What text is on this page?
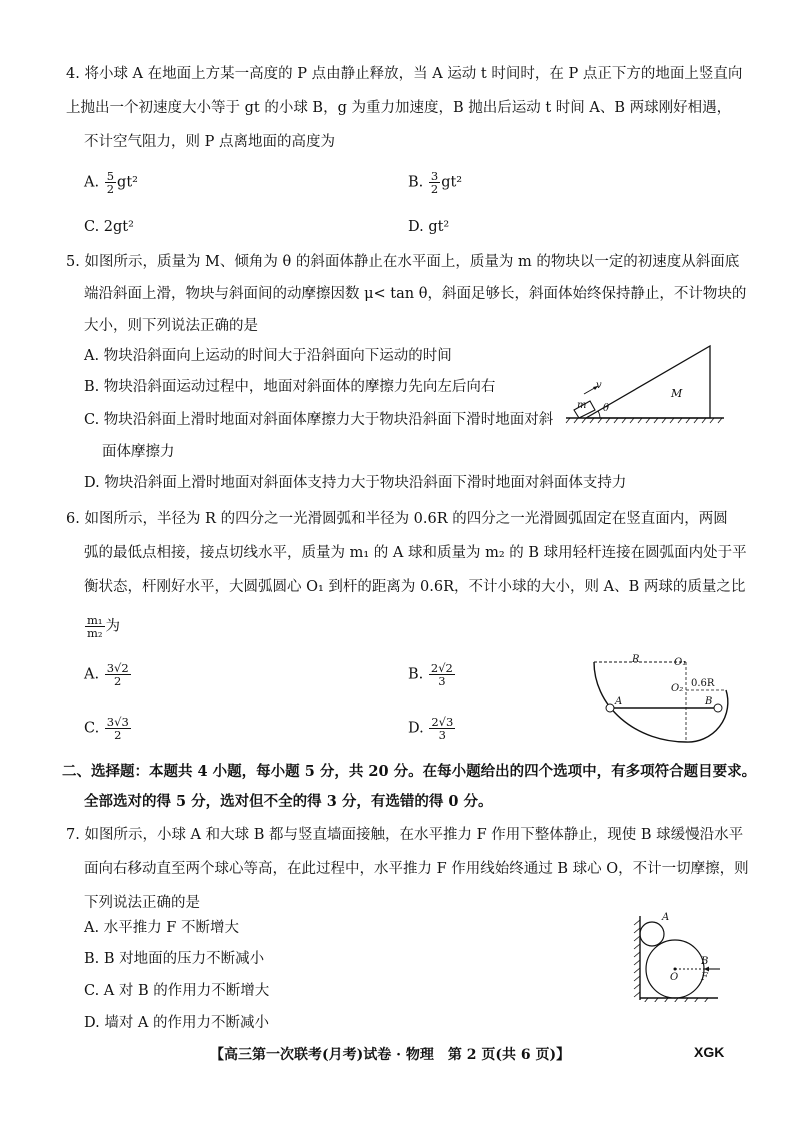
4. 将小球 A 在地面上方某一高度的 P 点由静止释放，当 A 运动 t 时间时，在 P 点正下方的地面上竖直向
上抛出一个初速度大小等于 gt 的小球 B，g 为重力加速度，B 抛出后运动 t 时间 A、B 两球刚好相遇，
不计空气阻力，则 P 点离地面的高度为
A. $\frac{5}{2} gt^2$	B. $\frac{3}{2} gt^2$
C. 2gt²	D. gt²
5. 如图所示，质量为 M、倾角为 θ 的斜面体静止在水平面上，质量为 m 的物块以一定的初速度从斜面底
端沿斜面上滑，物块与斜面间的动摩擦因数 μ< tan θ，斜面足够长，斜面体始终保持静止，不计物块的
大小，则下列说法正确的是
A. 物块沿斜面向上运动的时间大于沿斜面向下运动的时间
B. 物块沿斜面运动过程中，地面对斜面体的摩擦力先向左后向右
C. 物块沿斜面上滑时地面对斜面体摩擦力大于物块沿斜面下滑时地面对斜
面体摩擦力
D. 物块沿斜面上滑时地面对斜面体支持力大于物块沿斜面下滑时地面对斜面体支持力
v
m θ
M
6. 如图所示，半径为 R 的四分之一光滑圆弧和半径为 0.6R 的四分之一光滑圆弧固定在竖直面内，两圆
弧的最低点相接，接点切线水平，质量为 m₁ 的 A 球和质量为 m₂ 的 B 球用轻杆连接在圆弧面内处于平
衡状态，杆刚好水平，大圆弧圆心 O₁ 到杆的距离为 0.6R，不计小球的大小，则 A、B 两球的质量之比
$\frac{\text{m₁}}{\text{m₂}}$ 为
A. $\frac{3√2}{2}$	B. $\frac{2√2}{3}$
C. $\frac{3√3}{2}$	D. $\frac{2√3}{3}$
R	O₁
O₂ 0.6R
A	B
二、选择题：本题共 4 小题，每小题 5 分，共 20 分。在每小题给出的四个选项中，有多项符合题目要求。
全部选对的得 5 分，选对但不全的得 3 分，有选错的得 0 分。
7. 如图所示，小球 A 和大球 B 都与竖直墙面接触，在水平推力 F 作用下整体静止，现使 B 球缓慢沿水平
面向右移动直至两个球心等高，在此过程中，水平推力 F 作用线始终通过 B 球心 O，不计一切摩擦，则
下列说法正确的是
A. 水平推力 F 不断增大
B. B 对地面的压力不断减小
C. A 对 B 的作用力不断增大
D. 墙对 A 的作用力不断减小
A
B
O F
【高三第一次联考(月考)试卷 · 物理　第 2 页(共 6 页)】	XGK
